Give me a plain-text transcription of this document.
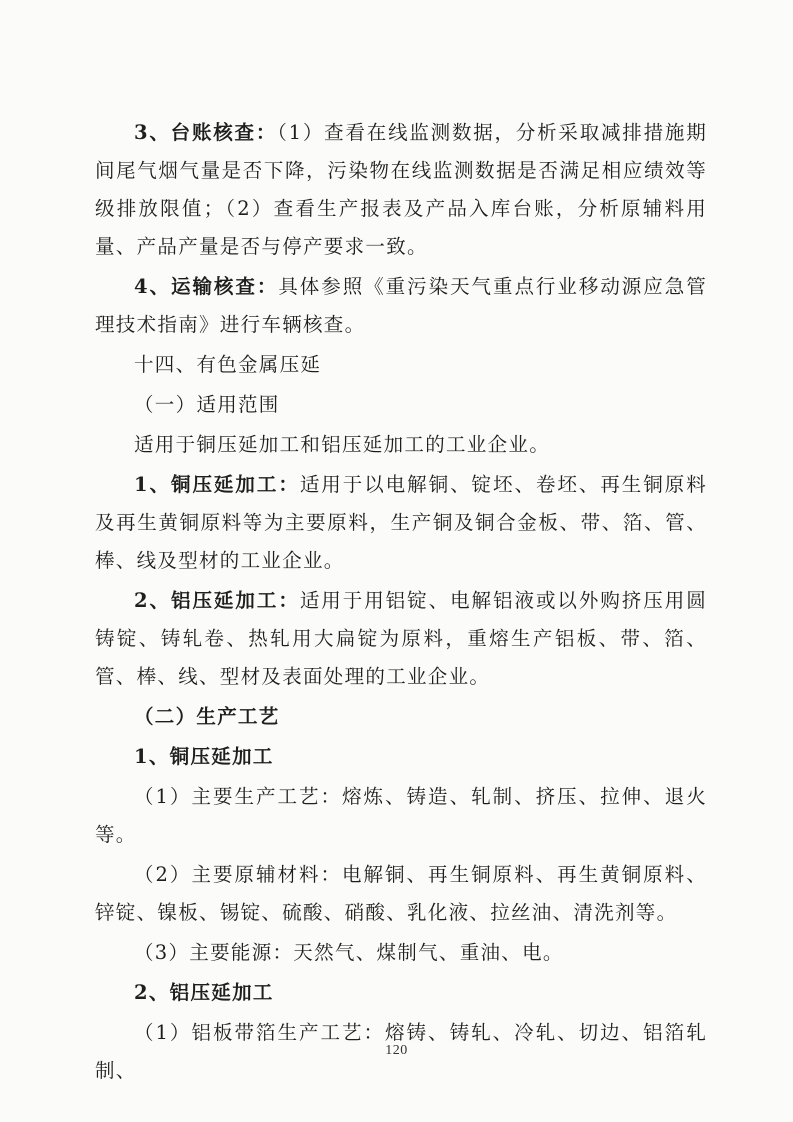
3、台账核查：（1）查看在线监测数据，分析采取减排措施期间尾气烟气量是否下降，污染物在线监测数据是否满足相应绩效等级排放限值；（2）查看生产报表及产品入库台账，分析原辅料用量、产品产量是否与停产要求一致。

4、运输核查：具体参照《重污染天气重点行业移动源应急管理技术指南》进行车辆核查。

十四、有色金属压延

（一）适用范围

适用于铜压延加工和铝压延加工的工业企业。

1、铜压延加工：适用于以电解铜、锭坯、卷坯、再生铜原料及再生黄铜原料等为主要原料，生产铜及铜合金板、带、箔、管、棒、线及型材的工业企业。

2、铝压延加工：适用于用铝锭、电解铝液或以外购挤压用圆铸锭、铸轧卷、热轧用大扁锭为原料，重熔生产铝板、带、箔、管、棒、线、型材及表面处理的工业企业。

（二）生产工艺

1、铜压延加工

（1）主要生产工艺：熔炼、铸造、轧制、挤压、拉伸、退火等。

（2）主要原辅材料：电解铜、再生铜原料、再生黄铜原料、锌锭、镍板、锡锭、硫酸、硝酸、乳化液、拉丝油、清洗剂等。

（3）主要能源：天然气、煤制气、重油、电。

2、铝压延加工

（1）铝板带箔生产工艺：熔铸、铸轧、冷轧、切边、铝箔轧制、

120
